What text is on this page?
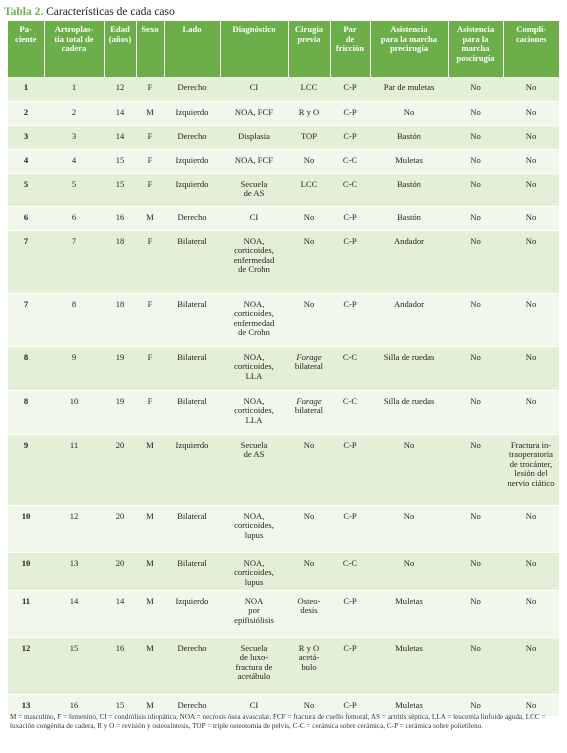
Tabla 2. Características de cada caso
Pa-
ciente	Artroplas-
tia total de
cadera	Edad
(años)	Sexo	Lado	Diagnóstico	Cirugía
previa	Par
de
fricción	Asistencia
para la marcha
precirugía	Asistencia
para la
marcha
poscirugía	Compli-
caciones
1	1	12	F	Derecho	CI	LCC	C-P	Par de muletas	No	No
2	2	14	M	Izquierdo	NOA, FCF	R y O	C-P	No	No	No
3	3	14	F	Derecho	Displasia	TOP	C-P	Bastón	No	No
4	4	15	F	Izquierdo	NOA, FCF	No	C-C	Muletas	No	No
5	5	15	F	Izquierdo	Secuela
de AS	LCC	C-C	Bastón	No	No
6	6	16	M	Derecho	CI	No	C-P	Bastón	No	No
7	7	18	F	Bilateral	NOA,
corticoides,
enfermedad
de Crohn	No	C-P	Andador	No	No
7	8	18	F	Bilateral	NOA,
corticoides,
enfermedad
de Crohn	No	C-P	Andador	No	No
8	9	19	F	Bilateral	NOA,
corticoides,
LLA	Forage
bilateral	C-C	Silla de ruedas	No	No
8	10	19	F	Bilateral	NOA,
corticoides,
LLA	Forage
bilateral	C-C	Silla de ruedas	No	No
9	11	20	M	Izquierdo	Secuela
de AS	No	C-P	No	No	Fractura in-
traoperatoria
de trocánter,
lesión del
nervio ciático
10	12	20	M	Bilateral	NOA,
corticoides,
lupus	No	C-P	No	No	No
10	13	20	M	Bilateral	NOA,
corticoides,
lupus	No	C-C	No	No	No
11	14	14	M	Izquierdo	NOA
por
epifisiólisis	Osteo-
desis	C-P	Muletas	No	No
12	15	16	M	Derecho	Secuela
de luxo-
fractura de
acetábulo	R y O
acetá-
bulo	C-P	Muletas	No	No
13	16	15	M	Derecho	CI	No	C-P	Muletas	No	No
M = masculino, F = femenino, CI = condrólisis idiopática, NOA = necrosis ósea avascular, FCF = fractura de cuello femoral, AS = artritis séptica, LLA = leucemia linfoide aguda, LCC = luxación congénita de cadera, R y O = revisión y osteosíntesis, TOP = triple osteotomía de pelvis, C-C = cerámica sobre cerámica, C-P = cerámica sobre polietileno.
